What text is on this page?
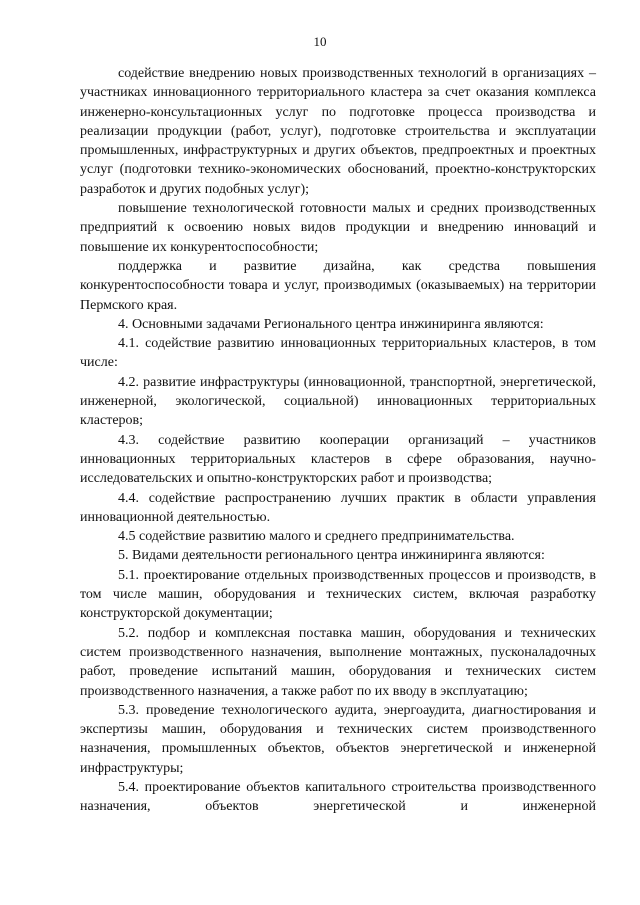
10

содействие внедрению новых производственных технологий в организациях – участниках инновационного территориального кластера за счет оказания комплекса инженерно-консультационных услуг по подготовке процесса производства и реализации продукции (работ, услуг), подготовке строительства и эксплуатации промышленных, инфраструктурных и других объектов, предпроектных и проектных услуг (подготовки технико-экономических обоснований, проектно-конструкторских разработок и других подобных услуг);

повышение технологической готовности малых и средних производственных предприятий к освоению новых видов продукции и внедрению инноваций и повышение их конкурентоспособности;

поддержка и развитие дизайна, как средства повышения конкурентоспособности товара и услуг, производимых (оказываемых) на территории Пермского края.

4. Основными задачами Регионального центра инжиниринга являются:

4.1. содействие развитию инновационных территориальных кластеров, в том числе:

4.2. развитие инфраструктуры (инновационной, транспортной, энергетической, инженерной, экологической, социальной) инновационных территориальных кластеров;

4.3. содействие развитию кооперации организаций – участников инновационных территориальных кластеров в сфере образования, научно-исследовательских и опытно-конструкторских работ и производства;

4.4. содействие распространению лучших практик в области управления инновационной деятельностью.

4.5 содействие развитию малого и среднего предпринимательства.

5. Видами деятельности регионального центра инжиниринга являются:

5.1. проектирование отдельных производственных процессов и производств, в том числе машин, оборудования и технических систем, включая разработку конструкторской документации;

5.2. подбор и комплексная поставка машин, оборудования и технических систем производственного назначения, выполнение монтажных, пусконаладочных работ, проведение испытаний машин, оборудования и технических систем производственного назначения, а также работ по их вводу в эксплуатацию;

5.3. проведение технологического аудита, энергоаудита, диагностирования и экспертизы машин, оборудования и технических систем производственного назначения, промышленных объектов, объектов энергетической и инженерной инфраструктуры;

5.4. проектирование объектов капитального строительства производственного назначения, объектов энергетической и инженерной
